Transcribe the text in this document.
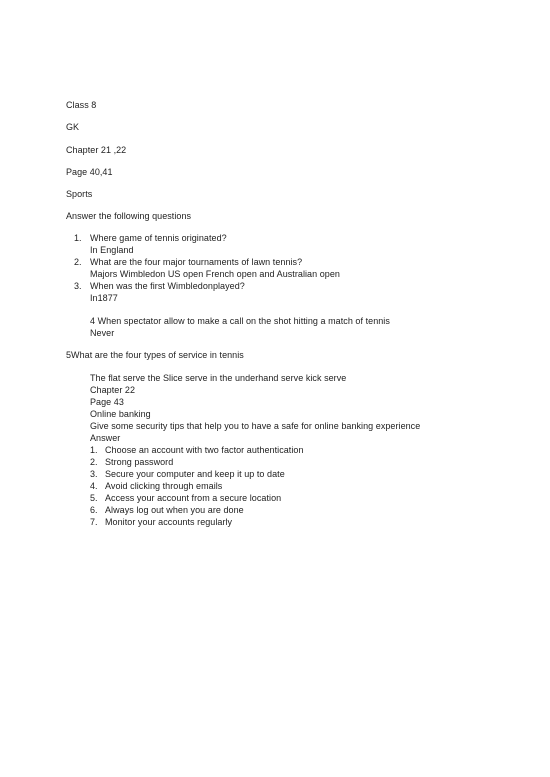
Class 8
GK
Chapter 21 ,22
Page 40,41
Sports
Answer the following questions
1. Where game of tennis originated?
In England
2. What are the four major tournaments of lawn tennis?
Majors Wimbledon US open French open and Australian open
3. When was the first Wimbledonplayed?
In1877
4 When spectator allow to make a call on the shot hitting a match of tennis
Never
5What are the four types of service in tennis
The flat serve the Slice serve in the underhand serve kick serve
Chapter 22
Page 43
Online banking
Give some security tips that help you to have a safe for online banking experience
Answer
1. Choose an account with two factor authentication
2. Strong password
3. Secure your computer and keep it up to date
4. Avoid clicking through emails
5. Access your account from a secure location
6. Always log out when you are done
7. Monitor your accounts regularly
